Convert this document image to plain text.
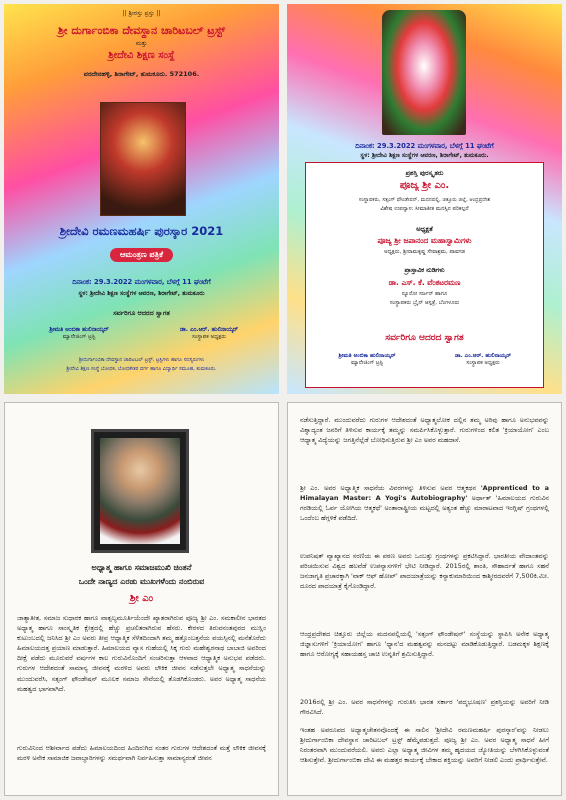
|| ಶ್ರೀರಸ್ತು ಪ್ರಸ್ತು ||
ಶ್ರೀ ದುರ್ಗಾಂಬಿಕಾ ದೇವಸ್ಥಾನ ಚಾರಿಟಬಲ್ ಟ್ರಸ್ಟ್
ಮತ್ತು
ಶ್ರೀದೇವಿ ಶಿಕ್ಷಣ ಸಂಸ್ಥೆ
ವರದೇನಹಳ್ಳಿ, ಶಿರಾಗೇಟ್, ತುಮಕೂರು. 572106.
ಶ್ರೀದೇವಿ ರಮಣಮಹರ್ಷಿ ಪುರಸ್ಕಾರ 2021
ಆಮಂತ್ರಣ ಪತ್ರಿಕೆ
ದಿನಾಂಕ: 29.3.2022 ಮಂಗಳವಾರ, ಬೆಳಗ್ಗೆ 11 ಘಂಟೆಗೆ
ಸ್ಥಳ: ಶ್ರೀದೇವಿ ಶಿಕ್ಷಣ ಸಂಸ್ಥೆಗಳ ಆವರಣ, ಶಿರಾಗೇಟ್, ತುಮಕೂರು
ಸರ್ವರಿಗೂ ಆದರದ ಸ್ವಾಗತ
ಶ್ರೀಮತಿ ಅಂಬಿಕಾ ಹುಲಿನಾಯ್ಕರ್
ಮ್ಯಾನೇಜಿಂಗ್ ಟ್ರಸ್ಟಿ
ಡಾ. ಎಂ.ಆರ್. ಹುಲಿನಾಯ್ಕರ್
ಸಂಸ್ಥಾಪಕ ಅಧ್ಯಕ್ಷರು
ಶ್ರೀದುರ್ಗಾಂಬಿಕಾ ದೇವಸ್ಥಾನ ಚಾರಿಟಬಲ್ ಟ್ರಸ್ಟ್, ಟ್ರಸ್ಟಿಗಳು ಹಾಗೂ ಸದಸ್ಯರುಗಳು
ಶ್ರೀದೇವಿ ಶಿಕ್ಷಣ ಸಂಸ್ಥೆ ಬೋಧಕ, ಬೋಧಕೇತರ ವರ್ಗ ಹಾಗೂ ವಿದ್ಯಾರ್ಥಿ ಸಮೂಹ, ತುಮಕೂರು.
ದಿನಾಂಕ: 29.3.2022 ಮಂಗಳವಾರ, ಬೆಳಗ್ಗೆ 11 ಘಂಟೆಗೆ
ಸ್ಥಳ: ಶ್ರೀದೇವಿ ಶಿಕ್ಷಣ ಸಂಸ್ಥೆಗಳ ಆವರಣ, ಶಿರಾಗೇಟ್, ತುಮಕೂರು.
ಪ್ರಶಸ್ತಿ ಪುರಸ್ಕೃತರು
ಪೂಜ್ಯ ಶ್ರೀ ಎಂ.
ಸಂಸ್ಥಾಪಕರು, ಸತ್ಸಂಗ್ ಫೌಂಡೇಷನ್, ಮದನಪಲ್ಲಿ, ಚಿತ್ತೂರು ಜಿಲ್ಲೆ, ಆಂಧ್ರಪ್ರದೇಶ
ವಿಶೇಷ ಉಪನ್ಯಾಸ: ಸೀಮಾತೀತ ಮನಸ್ಸಿನ ಪರಿಕಲ್ಪನೆ
ಅಧ್ಯಕ್ಷತೆ
ಪೂಜ್ಯ ಶ್ರೀ ಜಪಾನಂದ ಮಹಾಸ್ವಾಮಿಗಳು
ಅಧ್ಯಕ್ಷರು, ಶ್ರೀರಾಮಕೃಷ್ಣ ಸೇವಾಶ್ರಮ, ಪಾವಗಡ
ಪ್ರಾಸ್ತಾವಿಕ ನುಡಿಗಳು
ಡಾ. ಎಸ್. ಕೆ. ವೆಂಕಟರಮಣ
ನ್ಯೂರೋ ಸರ್ಜನ್ ಹಾಗೂ
ಸಂಸ್ಥಾಪಕರು ಬ್ರೈನ್ ಆಸ್ಪತ್ರೆ, ಬೆಂಗಳೂರು
ಸರ್ವರಿಗೂ ಆದರದ ಸ್ವಾಗತ
ಶ್ರೀಮತಿ ಅಂಬಿಕಾ ಹುಲಿನಾಯ್ಕರ್
ಮ್ಯಾನೇಜಿಂಗ್ ಟ್ರಸ್ಟಿ
ಡಾ. ಎಂ.ಆರ್. ಹುಲಿನಾಯ್ಕರ್
ಸಂಸ್ಥಾಪಕ ಅಧ್ಯಕ್ಷರು
ಅಧ್ಯಾತ್ಮ ಹಾಗೂ ಸಮಾಜಮುಖಿ ಚಿಂತನೆ
ಒಂದೇ ನಾಣ್ಯದ ಎರಡು ಮುಖಗಳೆಂದು ನಂಬಿರುವ
ಶ್ರೀ ಎಂ
ಜಾತ್ಯಾತೀತ, ಸಮಾಜ ಸುಧಾರಕ ಹಾಗೂ ವಾತ್ಸಲ್ಯಮೂರ್ತಿಯೆಂದೇ ಖ್ಯಾತರಾಗಿರುವ ಪೂಜ್ಯ ಶ್ರೀ ಎಂ. ಸಮಕಾಲೀನ ಭಾರತದ ಅಧ್ಯಾತ್ಮ ಹಾಗೂ ಸಾಂಸ್ಕೃತಿಕ ಕ್ಷೇತ್ರದಲ್ಲಿ ಹೆಚ್ಚು ಪ್ರಚಲಿತರಾಗಿರುವ ಹೆಸರು. ಕೇರಳದ ತಿರುವನಂತಪುರದ ಮುಸ್ಲಿಂ ಕುಟುಂಬದಲ್ಲಿ ಜನಿಸಿದ ಶ್ರೀ ಎಂ ಅವರು ತೀವ್ರ ಆಧ್ಯಾತ್ಮಿಕ ಸೆಳೆತದಿಂದಾಗಿ ತಮ್ಮ ಹತ್ತೊಂಬತ್ತನೆಯ ವಯಸ್ಸಿನಲ್ಲಿ ಮನೆತೊರೆದು ಹಿಮಾಲಯದತ್ತ ಪ್ರಯಾಣ ಮಾಡುತ್ತಾರೆ. ಹಿಮಾಲಯದ ವ್ಯಾಸ ಗುಹೆಯಲ್ಲಿ ಸಿಕ್ಕ ಗುರು ಮಹೇಶ್ವರನಾಥ ಬಾಬಾಜಿ ಅವರಿಂದ ದೀಕ್ಷೆ ಪಡೆದು ಮೂರುವರೆ ವರ್ಷಗಳ ಕಾಲ ಗುರುವಿನೊಂದಿಗೆ ಸಂಚರಿಸುತ್ತಾ ಆಳವಾದ ಆಧ್ಯಾತ್ಮಿಕ ಅನುಭವ ಪಡೆದರು. ಗುರುಗಳ ಆದೇಶದಂತೆ ಸಾಮಾನ್ಯ ಜೀವನಕ್ಕೆ ಮರಳಿದ ಅವರು ಲೌಕಿಕ ಜೀವನ ನಡೆಸುತ್ತಲೇ ಅಧ್ಯಾತ್ಮ ಸಾಧನೆಯನ್ನು ಮುಂದುವರೆಸಿ, ಸತ್ಸಂಗ್ ಫೌಂಡೇಷನ್ ಮೂಲಕ ಸಮಾಜ ಸೇವೆಯಲ್ಲಿ ತೊಡಗಿಕೊಂಡರು. ಅವರ ಅಧ್ಯಾತ್ಮ ಸಾಧನೆಯ ಮಹತ್ವದ ಭಾಗವಾಗಿದೆ.
ಗುರುವಿನಿಂದ ಆಶೀರ್ವಾದ ಪಡೆದು ಹಿಮಾಲಯದಿಂದ ಹಿಂದಿರುಗಿದ ನಂತರ ಗುರುಗಳ ಆದೇಶದಂತೆ ಮತ್ತೆ ಲೌಕಿಕ ಜೀವನಕ್ಕೆ ಮರಳಿ ಅನೇಕ ಸಾಮಾಜಿಕ ಜವಾಬ್ದಾರಿಗಳನ್ನು ಸಮರ್ಥವಾಗಿ ನಿರ್ವಹಿಸುತ್ತಾ ಸಾಮಾನ್ಯರಂತೆ ಜೀವನ
ನಡೆಸುತ್ತಿದ್ದಾರೆ. ಮುಂದುವರೆದು ಗುರುಗಳ ಆದೇಶದಂತೆ ಅಧ್ಯಾತ್ಮಲೋಕ ದಲ್ಲಿನ ತಮ್ಮ ಅರಿವು ಹಾಗೂ ಅನುಭವವನ್ನು ವಿಶ್ವಾದ್ಯಂತ ಜನರಿಗೆ ತಿಳಿಸುವ ಕಾರ್ಯಕ್ಕೆ ತಮ್ಮನ್ನು ಸಮರ್ಪಿಸಿಕೊಳ್ಳುತ್ತಾರೆ. ಗುರುಗಳಿಂದ ಕಲಿತ 'ಕ್ರಿಯಾಯೋಗ' ಎಂಬ ಆಧ್ಯಾತ್ಮ ವಿದ್ಯೆಯನ್ನು ಜಗತ್ತಿನೆಲ್ಲೆಡೆ ಬೋಧಿಸುತ್ತಿರುವ ಶ್ರೀ ಎಂ ಅವರ ಮಹದಾಸೆ.
ಶ್ರೀ ಎಂ. ಅವರ ಅಧ್ಯಾತ್ಮಿಕ ಸಾಧನೆಯ ವಿವರಗಳನ್ನು ತಿಳಿಸುವ ಅವರ ಆತ್ಮಕಥನ 'Apprenticed to a Himalayan Master: A Yogi's Autobiography' ಅರ್ಥಾತ್ 'ಹಿಮಾಲಯದ ಗುರುವಿನ ಗರಡಿಯಲ್ಲಿ ಓರ್ವ ಯೋಗಿಯ ಆತ್ಮಕಥೆ' ಅಂತಾರಾಷ್ಟ್ರೀಯ ಮಟ್ಟದಲ್ಲಿ ಅತ್ಯಂತ ಹೆಚ್ಚು ಮಾರಾಟವಾದ ಇಂಗ್ಲಿಷ್ ಗ್ರಂಥಗಳಲ್ಲಿ ಒಂದೆಂಬ ಹೆಗ್ಗಳಿಕೆ ಪಡೆದಿದೆ.
ಉಪನಿಷತ್ ವ್ಯಾಖ್ಯಾನದ ಸರಣಿಯ ಈ ಪಠಣ ಅವರು ಒಂಬತ್ತು ಗ್ರಂಥಗಳನ್ನು ಪ್ರಕಟಿಸಿದ್ದಾರೆ. ಭಾರತೀಯ ವೇದಾಂತವನ್ನು ಪರಿಚಯಿಸುವ ವಿಶ್ವದ ಹಲವೆಡೆ ಉಪನ್ಯಾಸಗಳಿಗೆ ಭೇಟಿ ನೀಡಿದ್ದಾರೆ. 2015ರಲ್ಲಿ ಶಾಂತಿ, ಸೌಹಾರ್ದತೆ ಹಾಗೂ ಸಹನೆ ಜನಜಾಗೃತಿ ಪ್ರಚಾರಕ್ಕಾಗಿ 'ವಾಕ್ ಆಫ್ ಹೋಪ್' ಪಾದಯಾತ್ರೆಯನ್ನು ಕನ್ಯಾಕುಮಾರಿಯಿಂದ ಕಾಶ್ಮೀರದವರೆಗೆ 7,500ಕಿ.ಮೀ. ದೂರದ ಪಾದಯಾತ್ರೆ ಕೈಗೊಂಡಿದ್ದಾರೆ.
ಆಂಧ್ರಪ್ರದೇಶದ ಚಿತ್ತೂರು ಜಿಲ್ಲೆಯ ಮದನಪಲ್ಲಿಯಲ್ಲಿ 'ಸತ್ಸಂಗ್ ಫೌಂಡೇಷನ್' ಸಂಸ್ಥೆಯನ್ನು ಸ್ಥಾಪಿಸಿ ಅನೇಕ ಅಧ್ಯಾತ್ಮ ಜಿಜ್ಞಾಸುಗಳಿಗೆ 'ಕ್ರಿಯಾಯೋಗ' ಹಾಗೂ 'ಧ್ಯಾನ'ದ ಮಹತ್ವವನ್ನು ಮನದಟ್ಟು ಮಾಡಿಕೊಡುತ್ತಿದ್ದಾರೆ. ಬಡಮಕ್ಕಳ ಶಿಕ್ಷಣಕ್ಕೆ ಹಾಗೂ ಆರೋಗ್ಯಕ್ಕೆ ಸಹಾಯಹಸ್ತ ಚಾಚಿ ಉನ್ನತಿಗೆ ಶ್ರಮಿಸುತ್ತಿದ್ದಾರೆ.
2016ರಲ್ಲಿ ಶ್ರೀ ಎಂ. ಅವರ ಸಾಧನೆಗಳನ್ನು ಗುರುತಿಸಿ ಭಾರತ ಸರ್ಕಾರ 'ಪದ್ಮಭೂಷಣ' ಪ್ರಶಸ್ತಿಯನ್ನು ಅವರಿಗೆ ನೀಡಿ ಗೌರವಿಸಿದೆ.
ಇಂತಹ ಅಪರೂಪದ ಅಧ್ಯಾತ್ಮಚೇತನವೊಂದಕ್ಕೆ ಈ ಸಾಲಿನ 'ಶ್ರೀದೇವಿ ರಮಣಮಹರ್ಷಿ ಪುರಸ್ಕಾರ'ವನ್ನು ನೀಡಲು ಶ್ರೀದುರ್ಗಾಂಬಿಕಾ ದೇವಸ್ಥಾನ ಚಾರಿಟಬಲ್ ಟ್ರಸ್ಟ್ ಹೆಮ್ಮೆಪಡುತ್ತದೆ. ಪೂಜ್ಯ ಶ್ರೀ ಎಂ. ಅವರ ಅಧ್ಯಾತ್ಮ ಸಾಧನೆ ಹೀಗೆ ನಿರಂತರವಾಗಿ ಮುಂದುವರೆಯಲಿ. ಅವರು ಎಲ್ಲಾ ಅಧ್ಯಾತ್ಮ ಜೀವಿಗಳ ತಮ್ಮ ಹೃದಯದ ಜ್ಯೋತಿಯನ್ನು ಬೆಳಗಿಸಿಕೊಳ್ಳುವಂತೆ ಆಶಿಸುತ್ತೇವೆ. ಶ್ರೀದುರ್ಗಾಂಬಿಕಾ ದೇವಿ ಈ ಮಹತ್ತರ ಕಾರ್ಯಕ್ಕೆ ಬೇಕಾದ ಶಕ್ತಿಯನ್ನು ಅವರಿಗೆ ನೀಡಲಿ ಎಂದು ಪ್ರಾರ್ಥಿಸುತ್ತೇವೆ.
